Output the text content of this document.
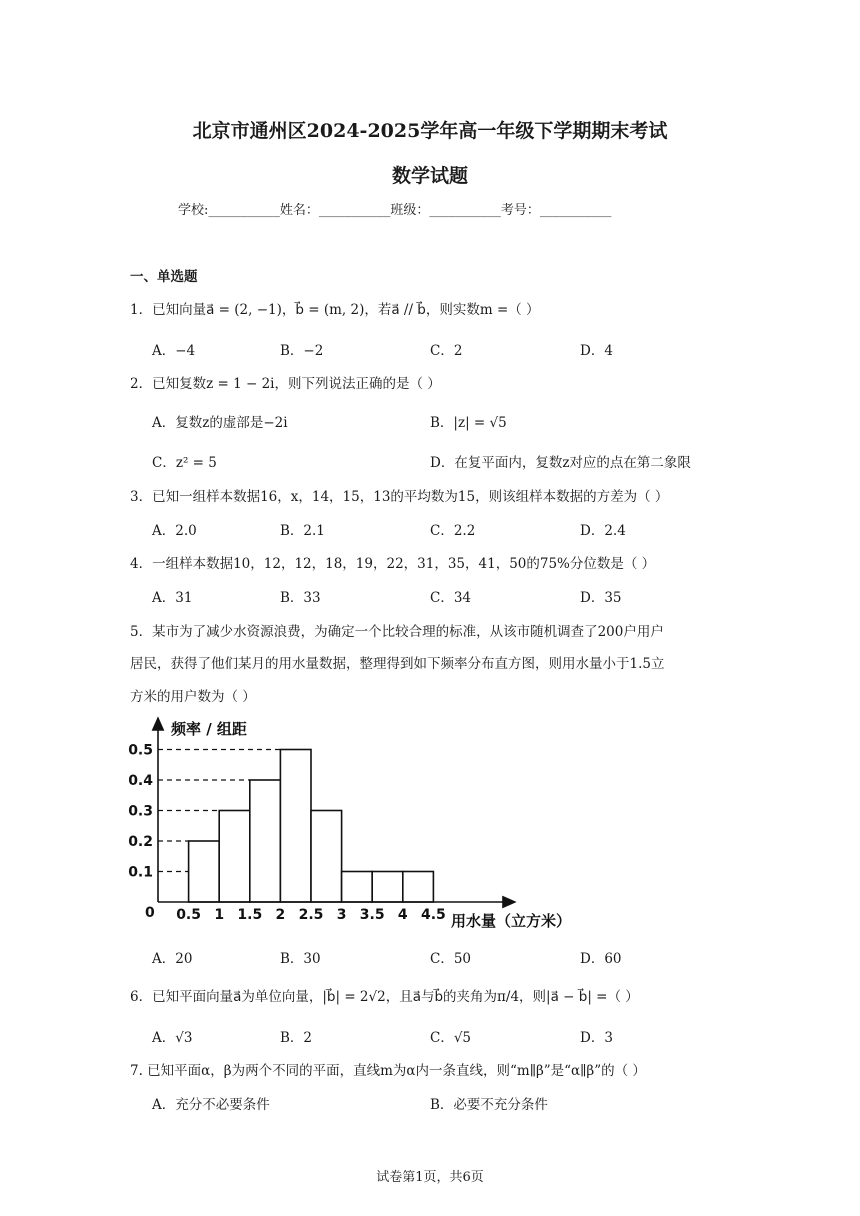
北京市通州区2024-2025学年高一年级下学期期末考试
数学试题
学校:___________姓名：___________班级：___________考号：___________
一、单选题
1．已知向量a⃗ = (2, −1)，b⃗ = (m, 2)，若a⃗ // b⃗，则实数m =（ ）
A．−4	B．−2	C．2	D．4
2．已知复数z = 1 − 2i，则下列说法正确的是（ ）
A．复数z的虚部是−2i	B．|z| = √5
C．z² = 5	D．在复平面内，复数z对应的点在第二象限
3．已知一组样本数据16，x，14，15，13的平均数为15，则该组样本数据的方差为（ ）
A．2.0	B．2.1	C．2.2	D．2.4
4．一组样本数据10，12，12，18，19，22，31，35，41，50的75%分位数是（ ）
A．31	B．33	C．34	D．35
5．某市为了减少水资源浪费，为确定一个比较合理的标准，从该市随机调查了200户用户
居民，获得了他们某月的用水量数据，整理得到如下频率分布直方图，则用水量小于1.5立
方米的用户数为（ ）
频率 / 组距
用水量（立方米）
0 0.5 1 1.5 2 2.5 3 3.5 4 4.5
0.1
0.2
0.3
0.4
0.5
A．20	B．30	C．50	D．60
6．已知平面向量a⃗为单位向量，|b⃗| = 2√2，且a⃗与b⃗的夹角为π/4，则|a⃗ − b⃗| =（ ）
A．√3	B．2	C．√5	D．3
7. 已知平面α，β为两个不同的平面，直线m为α内一条直线，则“m∥β”是“α∥β”的（ ）
A．充分不必要条件	B．必要不充分条件
试卷第1页，共6页
